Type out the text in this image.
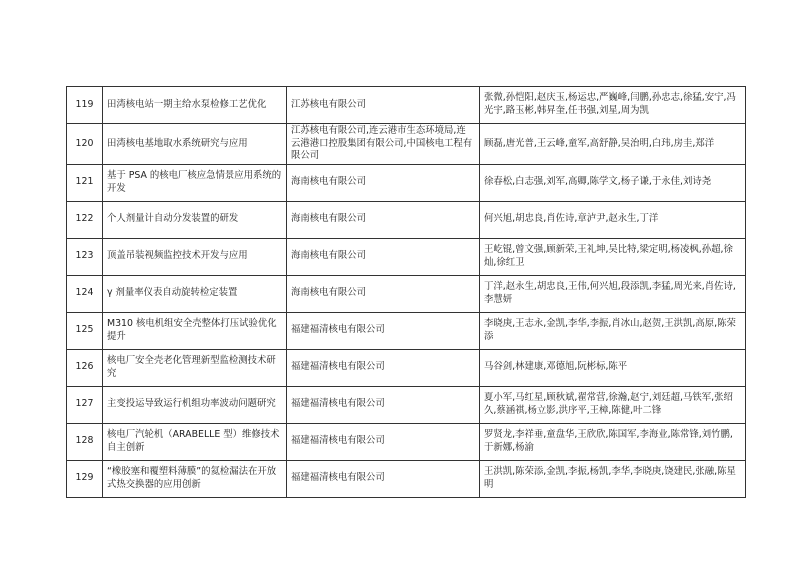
119	田湾核电站一期主给水泵检修工艺优化	江苏核电有限公司	张微,孙恺阳,赵庆玉,杨运忠,严巍峰,闫鹏,孙忠志,徐猛,安宁,冯光宇,路玉彬,韩昇奎,任书强,刘星,周为凯
120	田湾核电基地取水系统研究与应用	江苏核电有限公司,连云港市生态环境局,连云港港口控股集团有限公司,中国核电工程有限公司	顾磊,唐光普,王云峰,童军,高舒静,吴治明,白玮,房圭,郑洋
121	基于 PSA 的核电厂核应急情景应用系统的开发	海南核电有限公司	徐春松,白志强,刘军,高卿,陈学文,杨子谦,于永佳,刘诗尧
122	个人剂量计自动分发装置的研发	海南核电有限公司	何兴旭,胡忠良,肖佐诗,章泸尹,赵永生,丁洋
123	顶盖吊装视频监控技术开发与应用	海南核电有限公司	王屹锟,曾文强,顾新荣,王礼坤,吴比特,梁定明,杨凌枫,孙超,徐灿,徐红卫
124	γ 剂量率仪表自动旋转检定装置	海南核电有限公司	丁洋,赵永生,胡忠良,王伟,何兴旭,段添凯,李猛,周光来,肖佐诗,李慧妍
125	M310 核电机组安全壳整体打压试验优化提升	福建福清核电有限公司	李晓庚,王志永,金凯,李华,李振,肖冰山,赵贺,王洪凯,高原,陈荣添
126	核电厂安全壳老化管理新型监检测技术研究	福建福清核电有限公司	马谷剑,林建康,邓德旭,阮彬标,陈平
127	主变投运导致运行机组功率波动问题研究	福建福清核电有限公司	夏小军,马红星,顾秋斌,翟常营,徐瀚,赵宁,刘廷超,马铁军,张绍久,蔡涵祺,杨立影,洪序平,王樟,陈健,叶二锋
128	核电厂汽轮机（ARABELLE 型）维修技术自主创新	福建福清核电有限公司	罗贤龙,李祥垂,童盘华,王欣欣,陈国军,李海业,陈常锋,刘竹鹏,于新娜,杨渝
129	“橡胶塞和覆塑料薄膜”的氦检漏法在开放式热交换器的应用创新	福建福清核电有限公司	王洪凯,陈荣添,金凯,李振,杨凯,李华,李晓庚,饶建民,张融,陈星明
